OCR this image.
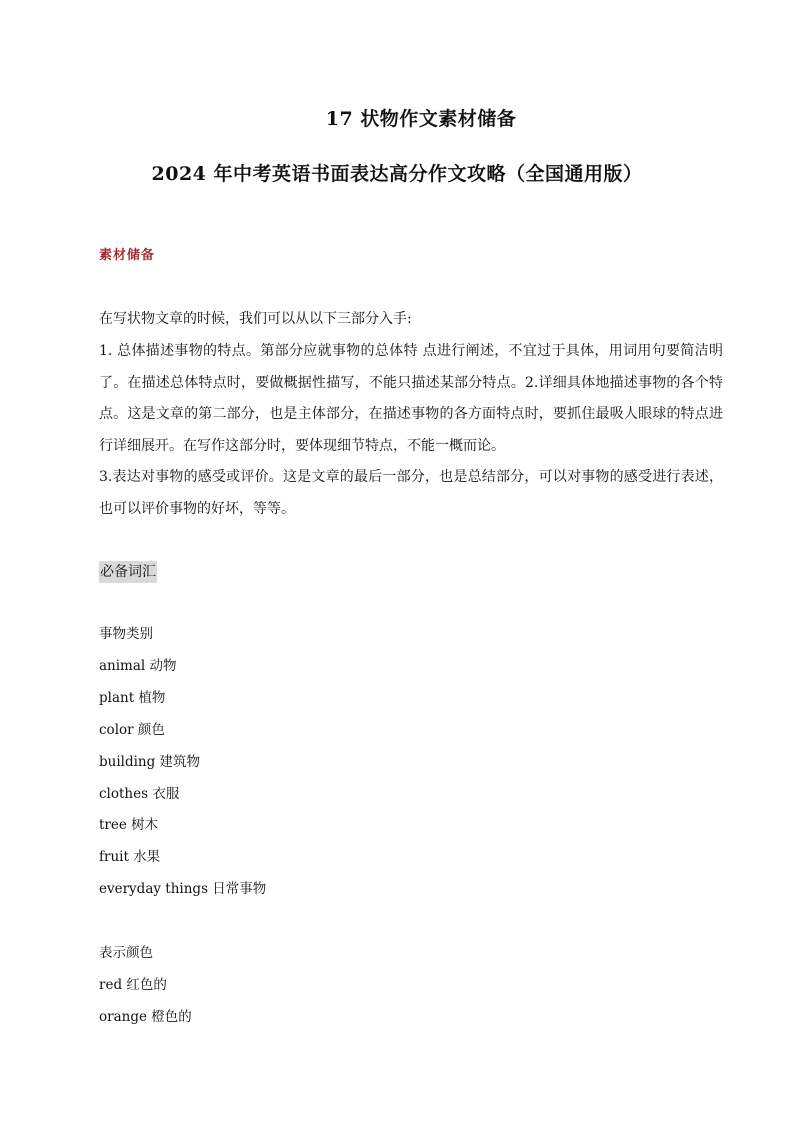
17 状物作文素材储备
2024 年中考英语书面表达高分作文攻略（全国通用版）
素材储备

在写状物文章的时候，我们可以从以下三部分入手:

1. 总体描述事物的特点。第部分应就事物的总体特 点进行阐述，不宜过于具体，用词用句要简洁明了。在描述总体特点时，要做概据性描写，不能只描述某部分特点。2.详细具体地描述事物的各个特点。这是文章的第二部分，也是主体部分，在描述事物的各方面特点时，要抓住最吸人眼球的特点进行详细展开。在写作这部分时，要体现细节特点，不能一概而论。

3.表达对事物的感受或评价。这是文章的最后一部分，也是总结部分，可以对事物的感受进行表述，也可以评价事物的好坏，等等。

必备词汇
事物类别
animal 动物
plant 植物
color 颜色
building 建筑物
clothes 衣服
tree 树木
fruit 水果
everyday things 日常事物
表示颜色
red 红色的
orange 橙色的
